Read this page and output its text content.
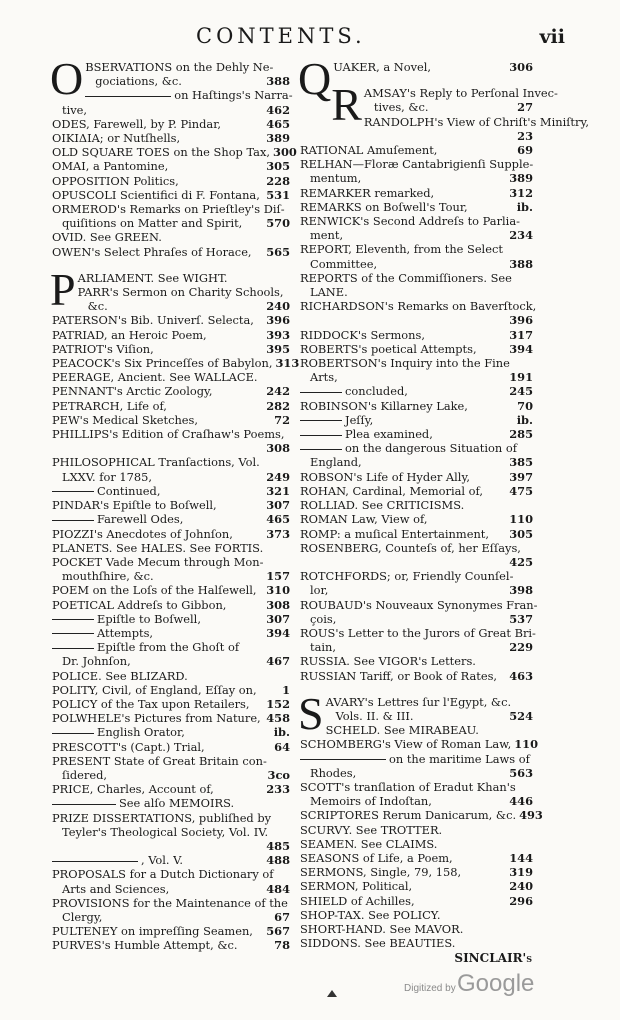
CONTENTS.	vii
O BSERVATIONS on the Dehly Ne-
gociations, &c.	388
on Haſtings's Narra-
tive,	462
ODES, Farewell, by P. Pindar,	465
ΟΙΚΙΔΙΑ; or Nutſhells,	389
OLD SQUARE TOES on the Shop Tax, 300
OMAI, a Pantomine,	305
OPPOSITION Politics,	228
OPUSCOLI Scientifici di F. Fontana, 531
ORMEROD's Remarks on Prieſtley's Diſ-
quiſitions on Matter and Spirit,	570
OVID. See GREEN.
OWEN's Select Phraſes of Horace,	565
P ARLIAMENT. See WIGHT.
PARR's Sermon on Charity Schools,
&c.	240
PATERSON's Bib. Univerſ. Selecta,	396
PATRIAD, an Heroic Poem,	393
PATRIOT's Viſion,	395
PEACOCK's Six Princeſſes of Babylon, 313
PEERAGE, Ancient. See WALLACE.
PENNANT's Arctic Zoology,	242
PETRARCH, Life of,	282
PEW's Medical Sketches,	72
PHILLIPS's Edition of Craſhaw's Poems,
308
PHILOSOPHICAL Tranſactions, Vol.
LXXV. for 1785,	249
Continued,	321
PINDAR's Epiſtle to Boſwell,	307
Farewell Odes,	465
PIOZZI's Anecdotes of Johnſon,	373
PLANETS. See HALES. See FORTIS.
POCKET Vade Mecum through Mon-
mouthſhire, &c.	157
POEM on the Loſs of the Halſewell, 310
POETICAL Addreſs to Gibbon,	308
Epiſtle to Boſwell,	307
Attempts,	394
Epiſtle from the Ghoſt of
Dr. Johnſon,	467
POLICE. See BLIZARD.
POLITY, Civil, of England, Eſſay on,	1
POLICY of the Tax upon Retailers,	152
POLWHELE's Pictures from Nature, 458
English Orator,	ib.
PRESCOTT's (Capt.) Trial,	64
PRESENT State of Great Britain con-
ſidered,	3co
PRICE, Charles, Account of,	233
See alſo MEMOIRS.
PRIZE DISSERTATIONS, publiſhed by
Teyler's Theological Society, Vol. IV.
485
, Vol. V.	488
PROPOSALS for a Dutch Dictionary of
Arts and Sciences,	484
PROVISIONS for the Maintenance of the
Clergy,	67
PULTENEY on impreſſing Seamen,	567
PURVES's Humble Attempt, &c.	78
Q UAKER, a Novel,	306
R AMSAY's Reply to Perſonal Invec-
tives, &c.	27
RANDOLPH's View of Chriſt's Miniſtry,
23
RATIONAL Amuſement,	69
RELHAN—Floræ Cantabrigienſi Supple-
mentum,	389
REMARKER remarked,	312
REMARKS on Boſwell's Tour,	ib.
RENWICK's Second Addreſs to Parlia-
ment,	234
REPORT, Eleventh, from the Select
Committee,	388
REPORTS of the Commiſſioners. See
LANE.
RICHARDSON's Remarks on Baverſtock,
396
RIDDOCK's Sermons,	317
ROBERTS's poetical Attempts,	394
ROBERTSON's Inquiry into the Fine
Arts,	191
concluded,	245
ROBINSON's Killarney Lake,	70
Jeſſy,	ib.
Plea examined,	285
on the dangerous Situation of
England,	385
ROBSON's Life of Hyder Ally,	397
ROHAN, Cardinal, Memorial of,	475
ROLLIAD. See CRITICISMS.
ROMAN Law, View of,	110
ROMP: a muſical Entertainment,	305
ROSENBERG, Counteſs of, her Eſſays,
425
ROTCHFORDS; or, Friendly Counſel-
lor,	398
ROUBAUD's Nouveaux Synonymes Fran-
çois,	537
ROUS's Letter to the Jurors of Great Bri-
tain,	229
RUSSIA. See VIGOR's Letters.
RUSSIAN Tariff, or Book of Rates,	463
S AVARY's Lettres ſur l'Egypt, &c.
Vols. II. & III.	524
SCHELD. See MIRABEAU.
SCHOMBERG's View of Roman Law, 110
on the maritime Laws of
Rhodes,	563
SCOTT's tranſlation of Eradut Khan's
Memoirs of Indoſtan,	446
SCRIPTORES Rerum Danicarum, &c. 493
SCURVY. See TROTTER.
SEAMEN. See CLAIMS.
SEASONS of Life, a Poem,	144
SERMONS, Single, 79, 158,	319
SERMON, Political,	240
SHIELD of Achilles,	296
SHOP-TAX. See POLICY.
SHORT-HAND. See MAVOR.
SIDDONS. See BEAUTIES.
SINCLAIR's
Digitized by Google
